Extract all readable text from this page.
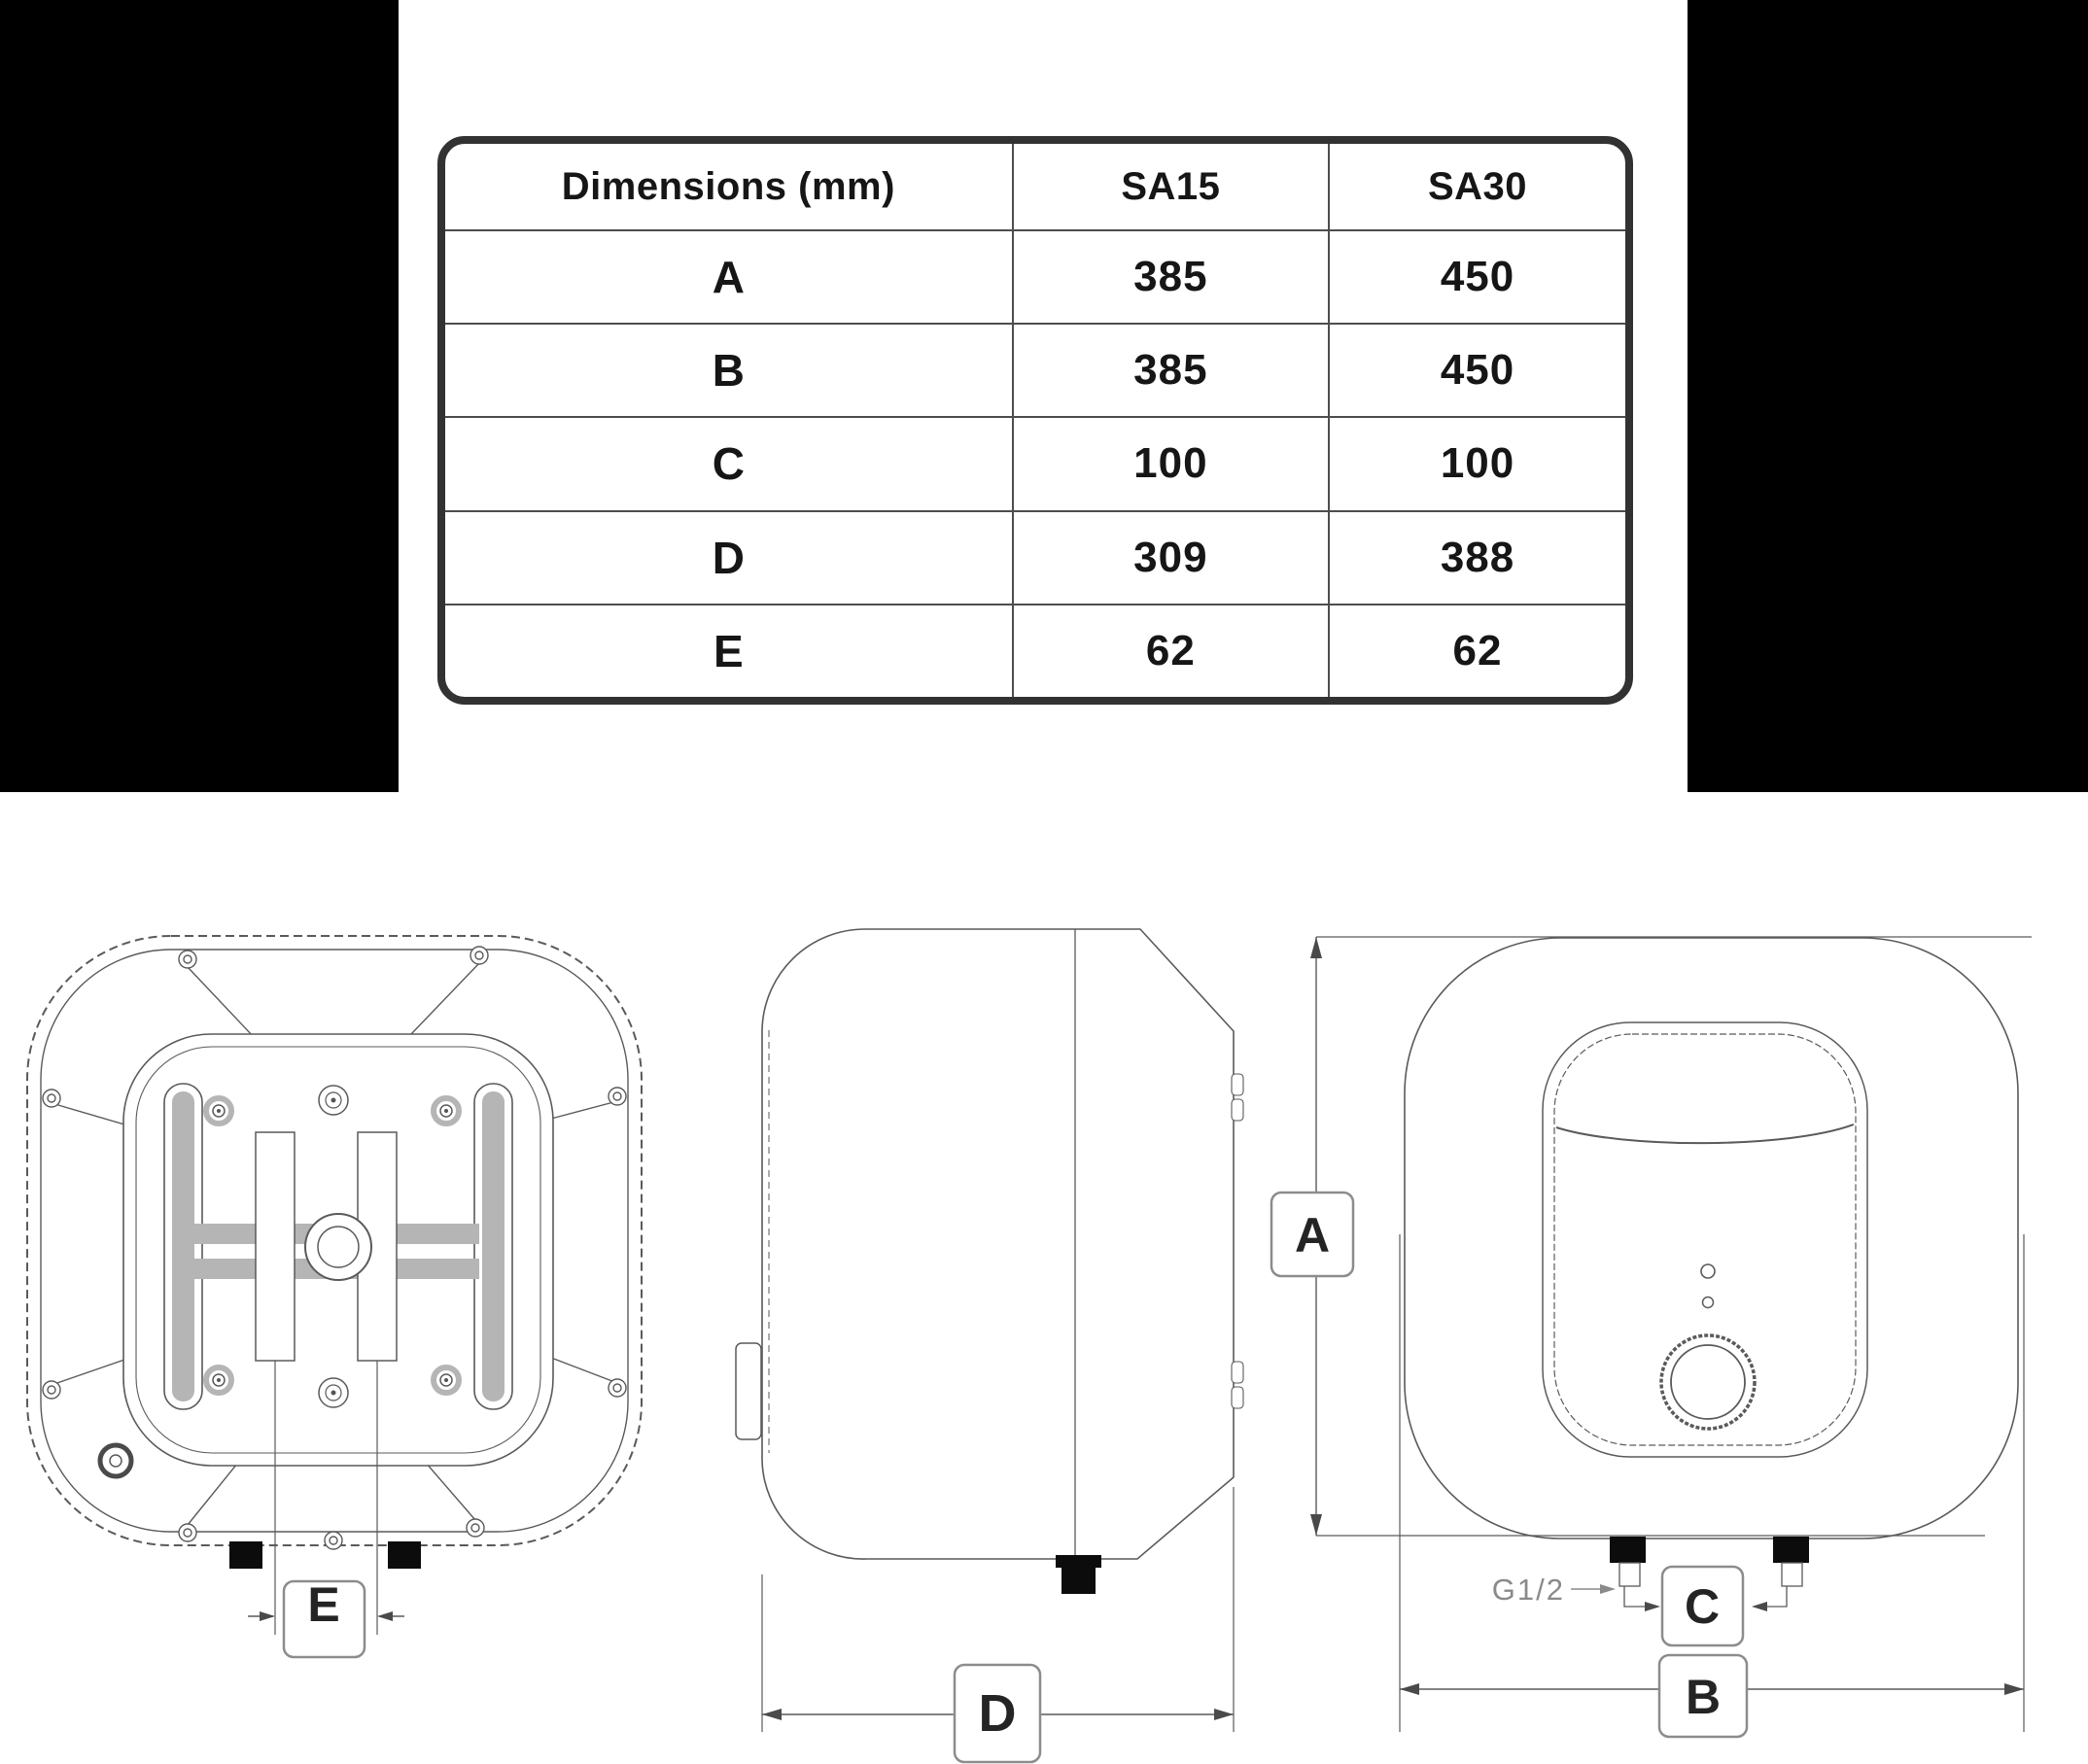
Dimensions (mm)	SA15	SA30
A	385	450
B	385	450
C	100	100
D	309	388
E	62	62
E
D
A
G1/2 C
B
